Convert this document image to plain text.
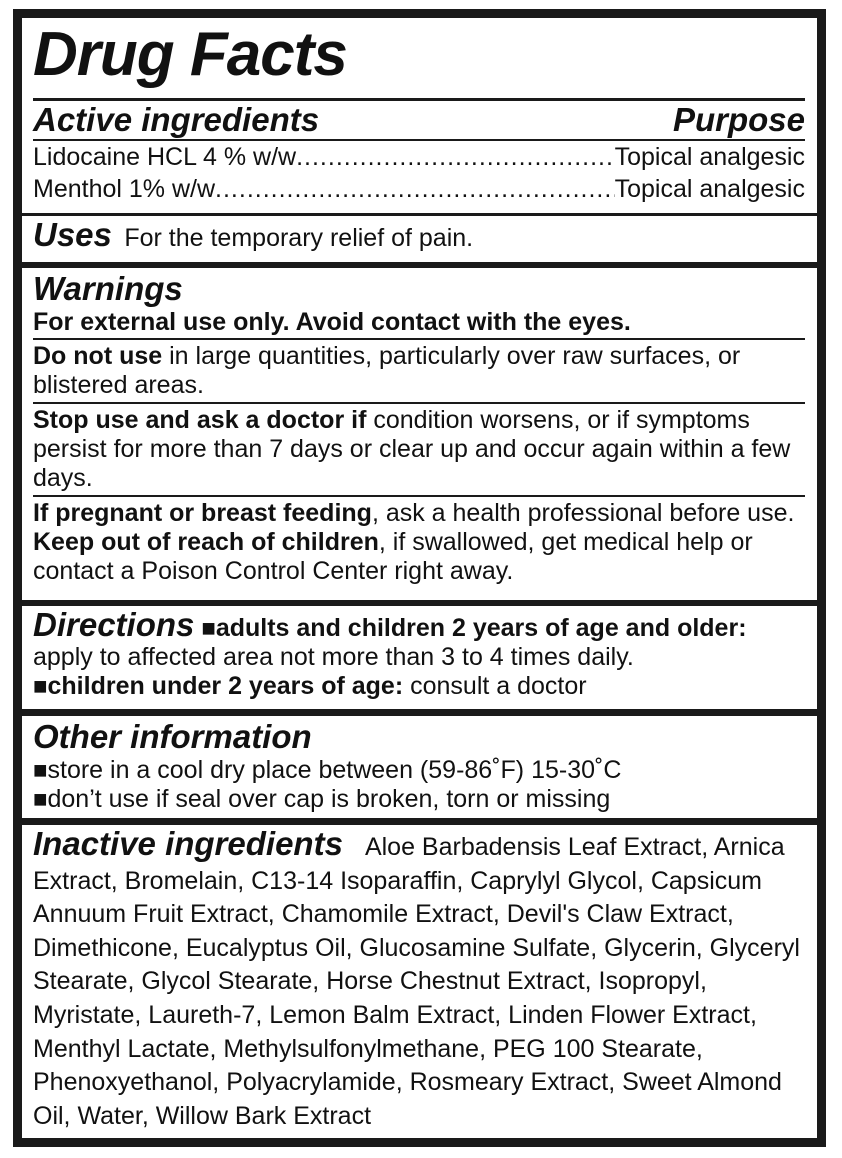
Drug Facts
Active ingredients	Purpose
Lidocaine HCL 4 % w/w .....	Topical analgesic
Menthol 1% w/w .....	Topical analgesic
Uses For the temporary relief of pain.
Warnings
For external use only. Avoid contact with the eyes.
Do not use in large quantities, particularly over raw surfaces, or blistered areas.
Stop use and ask a doctor if condition worsens, or if symptoms persist for more than 7 days or clear up and occur again within a few days.
If pregnant or breast feeding, ask a health professional before use. Keep out of reach of children, if swallowed, get medical help or contact a Poison Control Center right away.
Directions ■adults and children 2 years of age and older: apply to affected area not more than 3 to 4 times daily.
■children under 2 years of age: consult a doctor
Other information
■store in a cool dry place between (59-86˚F) 15-30˚C
■don’t use if seal over cap is broken, torn or missing
Inactive ingredients Aloe Barbadensis Leaf Extract, Arnica Extract, Bromelain, C13-14 Isoparaffin, Caprylyl Glycol, Capsicum Annuum Fruit Extract, Chamomile Extract, Devil's Claw Extract, Dimethicone, Eucalyptus Oil, Glucosamine Sulfate, Glycerin, Glyceryl Stearate, Glycol Stearate, Horse Chestnut Extract, Isopropyl, Myristate, Laureth-7, Lemon Balm Extract, Linden Flower Extract, Menthyl Lactate, Methylsulfonylmethane, PEG 100 Stearate, Phenoxyethanol, Polyacrylamide, Rosmeary Extract, Sweet Almond Oil, Water, Willow Bark Extract
